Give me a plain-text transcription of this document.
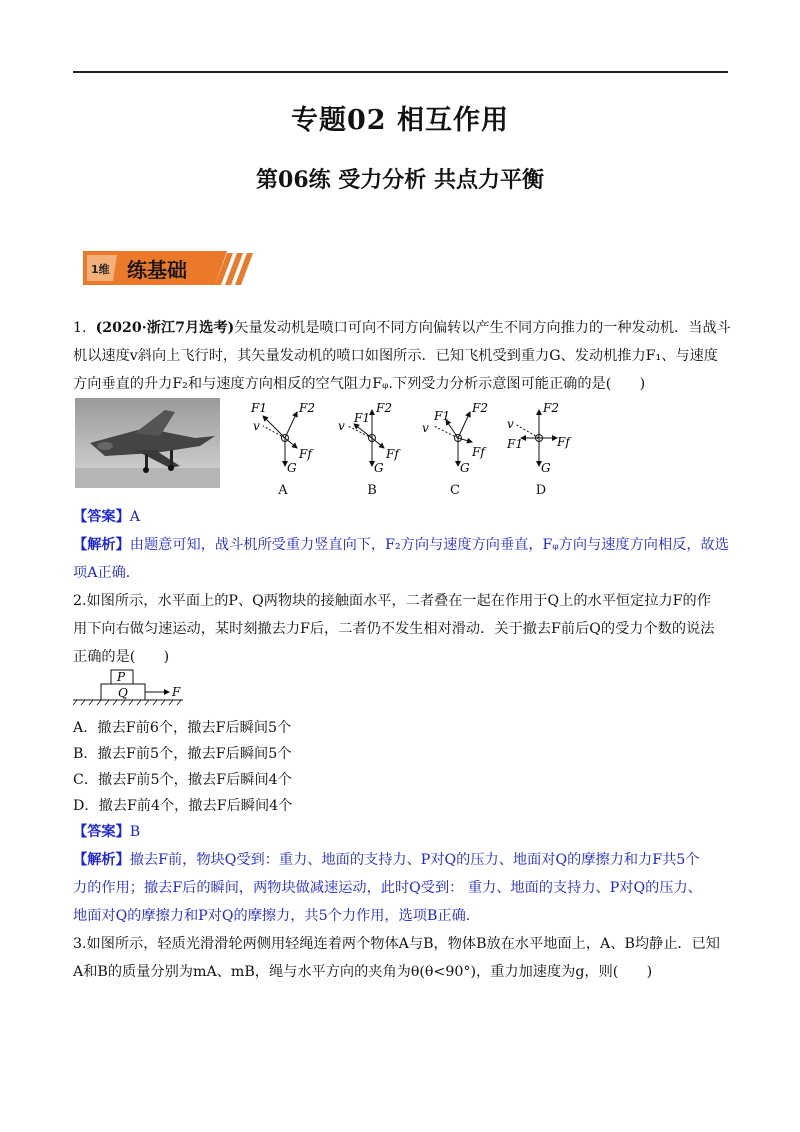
专题02 相互作用
第06练 受力分析 共点力平衡
1维 练基础
1. (2020·浙江7月选考)矢量发动机是喷口可向不同方向偏转以产生不同方向推力的一种发动机．当战斗
机以速度v斜向上飞行时，其矢量发动机的喷口如图所示．已知飞机受到重力G、发动机推力F₁、与速度
方向垂直的升力F₂和与速度方向相反的空气阻力Fᵩ.下列受力分析示意图可能正确的是(　　)
F1	F2
v
Ff
G
F1
F2
v
Ff
G
F1
F2
v
Ff
G
F1
F2
v
Ff
G
A	B	C	D
【答案】A
【解析】由题意可知，战斗机所受重力竖直向下，F₂方向与速度方向垂直，Fᵩ方向与速度方向相反，故选
项A正确．
2.如图所示，水平面上的P、Q两物块的接触面水平，二者叠在一起在作用于Q上的水平恒定拉力F的作
用下向右做匀速运动，某时刻撤去力F后，二者仍不发生相对滑动．关于撤去F前后Q的受力个数的说法
正确的是(　　)
P
Q	F
A．撤去F前6个，撤去F后瞬间5个
B．撤去F前5个，撤去F后瞬间5个
C．撤去F前5个，撤去F后瞬间4个
D．撤去F前4个，撤去F后瞬间4个
【答案】B
【解析】撤去F前，物块Q受到：重力、地面的支持力、P对Q的压力、地面对Q的摩擦力和力F共5个
力的作用；撤去F后的瞬间，两物块做减速运动，此时Q受到： 重力、地面的支持力、P对Q的压力、
地面对Q的摩擦力和P对Q的摩擦力，共5个力作用，选项B正确．
3.如图所示，轻质光滑滑轮两侧用轻绳连着两个物体A与B，物体B放在水平地面上，A、B均静止．已知
A和B的质量分别为mA、mB，绳与水平方向的夹角为θ(θ<90°)，重力加速度为g，则(　　)
